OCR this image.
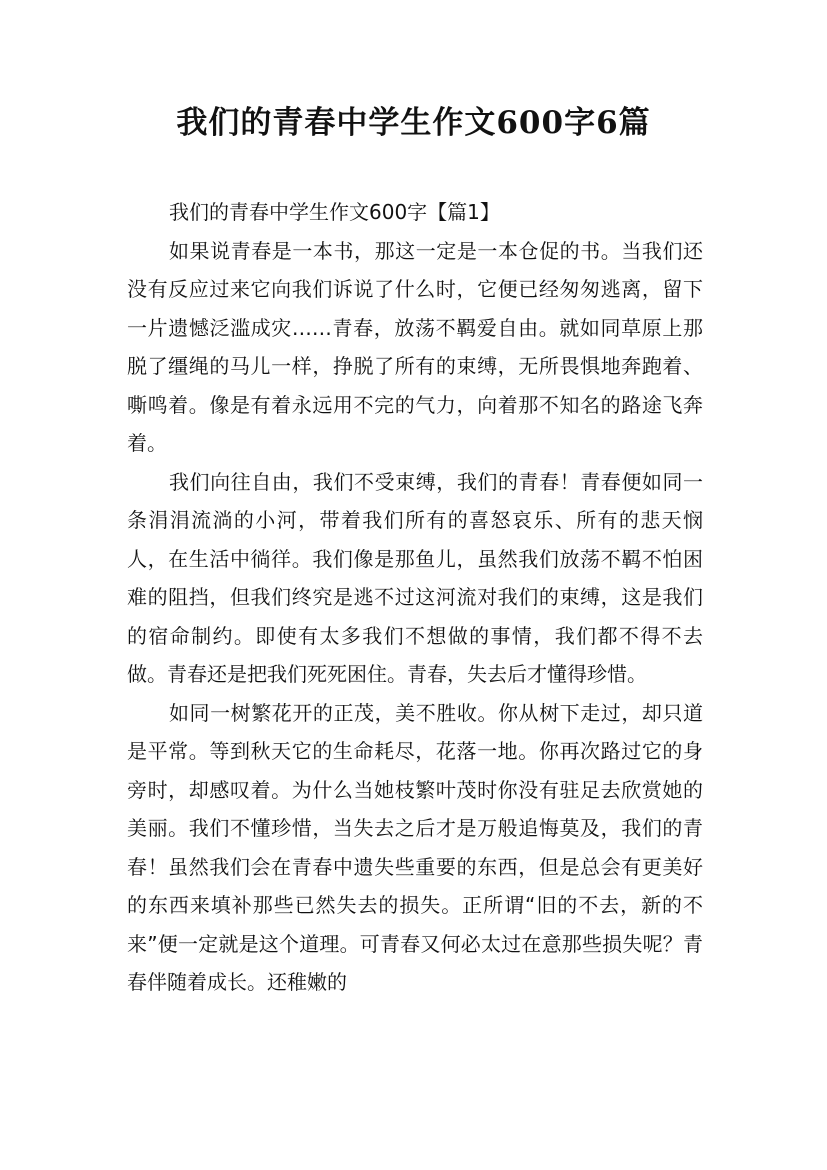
我们的青春中学生作文600字6篇

我们的青春中学生作文600字【篇1】

如果说青春是一本书，那这一定是一本仓促的书。当我们还没有反应过来它向我们诉说了什么时，它便已经匆匆逃离，留下一片遗憾泛滥成灾……青春，放荡不羁爱自由。就如同草原上那脱了缰绳的马儿一样，挣脱了所有的束缚，无所畏惧地奔跑着、嘶鸣着。像是有着永远用不完的气力，向着那不知名的路途飞奔着。

我们向往自由，我们不受束缚，我们的青春！青春便如同一条涓涓流淌的小河，带着我们所有的喜怒哀乐、所有的悲天悯人，在生活中徜徉。我们像是那鱼儿，虽然我们放荡不羁不怕困难的阻挡，但我们终究是逃不过这河流对我们的束缚，这是我们的宿命制约。即使有太多我们不想做的事情，我们都不得不去做。青春还是把我们死死困住。青春，失去后才懂得珍惜。

如同一树繁花开的正茂，美不胜收。你从树下走过，却只道是平常。等到秋天它的生命耗尽，花落一地。你再次路过它的身旁时，却感叹着。为什么当她枝繁叶茂时你没有驻足去欣赏她的美丽。我们不懂珍惜，当失去之后才是万般追悔莫及，我们的青春！虽然我们会在青春中遗失些重要的东西，但是总会有更美好的东西来填补那些已然失去的损失。正所谓“旧的不去，新的不来”便一定就是这个道理。可青春又何必太过在意那些损失呢？青春伴随着成长。还稚嫩的
